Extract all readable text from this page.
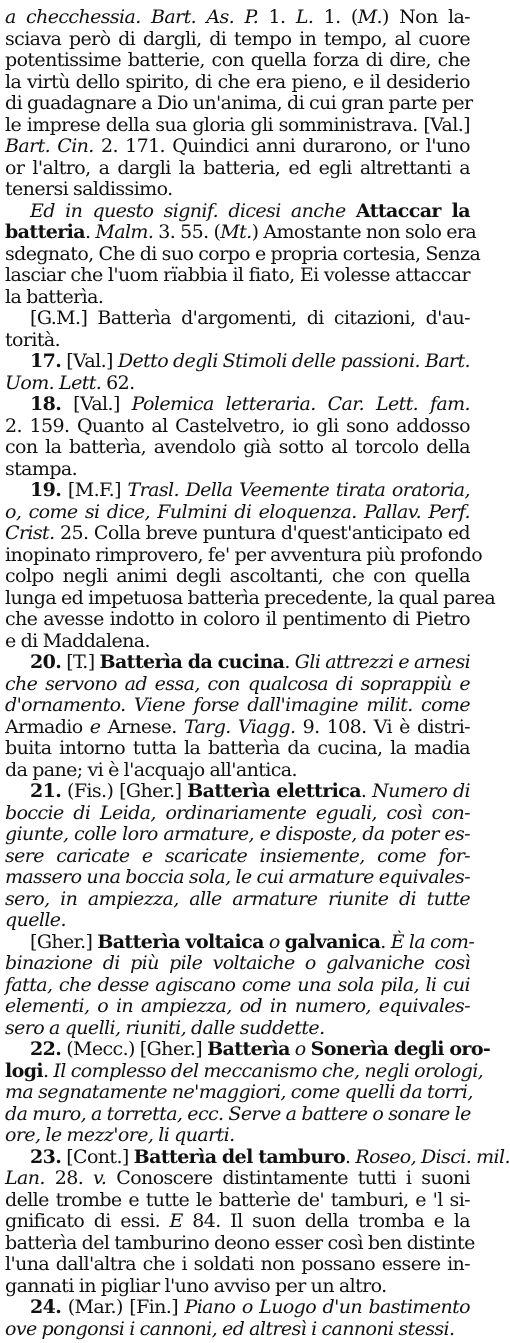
a checchessia. Bart. As. P. 1. L. 1. (M.) Non la-
sciava però di dargli, di tempo in tempo, al cuore
potentissime batterie, con quella forza di dire, che
la virtù dello spirito, di che era pieno, e il desiderio
di guadagnare a Dio un'anima, di cui gran parte per
le imprese della sua gloria gli somministrava. [Val.]
Bart. Cin. 2. 171. Quindici anni durarono, or l'uno
or l'altro, a dargli la batteria, ed egli altrettanti a
tenersi saldissimo.
Ed in questo signif. dicesi anche Attaccar la
batteria. Malm. 3. 55. (Mt.) Amostante non solo era
sdegnato, Che di suo corpo e propria cortesia, Senza
lasciar che l'uom rïabbia il fiato, Ei volesse attaccar
la batterìa.
[G.M.] Batterìa d'argomenti, di citazioni, d'au-
torità.
17. [Val.] Detto degli Stimoli delle passioni. Bart.
Uom. Lett. 62.
18. [Val.] Polemica letteraria. Car. Lett. fam.
2. 159. Quanto al Castelvetro, io gli sono addosso
con la batterìa, avendolo già sotto al torcolo della
stampa.
19. [M.F.] Trasl. Della Veemente tirata oratoria,
o, come si dice, Fulmini di eloquenza. Pallav. Perf.
Crist. 25. Colla breve puntura d'quest'anticipato ed
inopinato rimprovero, fe' per avventura più profondo
colpo negli animi degli ascoltanti, che con quella
lunga ed impetuosa batterìa precedente, la qual parea
che avesse indotto in coloro il pentimento di Pietro
e di Maddalena.
20. [T.] Batterìa da cucina. Gli attrezzi e arnesi
che servono ad essa, con qualcosa di soprappiù e
d'ornamento. Viene forse dall'imagine milit. come
Armadio e Arnese. Targ. Viagg. 9. 108. Vi è distri-
buita intorno tutta la batterìa da cucina, la madia
da pane; vi è l'acquajo all'antica.
21. (Fis.) [Gher.] Batterìa elettrica. Numero di
boccie di Leida, ordinariamente eguali, così con-
giunte, colle loro armature, e disposte, da poter es-
sere caricate e scaricate insiemente, come for-
massero una boccia sola, le cui armature equivales-
sero, in ampiezza, alle armature riunite di tutte
quelle.
[Gher.] Batterìa voltaica o galvanica. È la com-
binazione di più pile voltaiche o galvaniche così
fatta, che desse agiscano come una sola pila, li cui
elementi, o in ampiezza, od in numero, equivales-
sero a quelli, riuniti, dalle suddette.
22. (Mecc.) [Gher.] Batterìa o Sonerìa degli oro-
logi. Il complesso del meccanismo che, negli orologi,
ma segnatamente ne'maggiori, come quelli da torri,
da muro, a torretta, ecc. Serve a battere o sonare le
ore, le mezz'ore, li quarti.
23. [Cont.] Batterìa del tamburo. Roseo, Disci. mil.
Lan. 28. v. Conoscere distintamente tutti i suoni
delle trombe e tutte le batterìe de' tamburi, e 'l si-
gnificato di essi. E 84. Il suon della tromba e la
batterìa del tamburino deono esser così ben distinte
l'una dall'altra che i soldati non possano essere in-
gannati in pigliar l'uno avviso per un altro.
24. (Mar.) [Fin.] Piano o Luogo d'un bastimento
ove pongonsi i cannoni, ed altresì i cannoni stessi.
